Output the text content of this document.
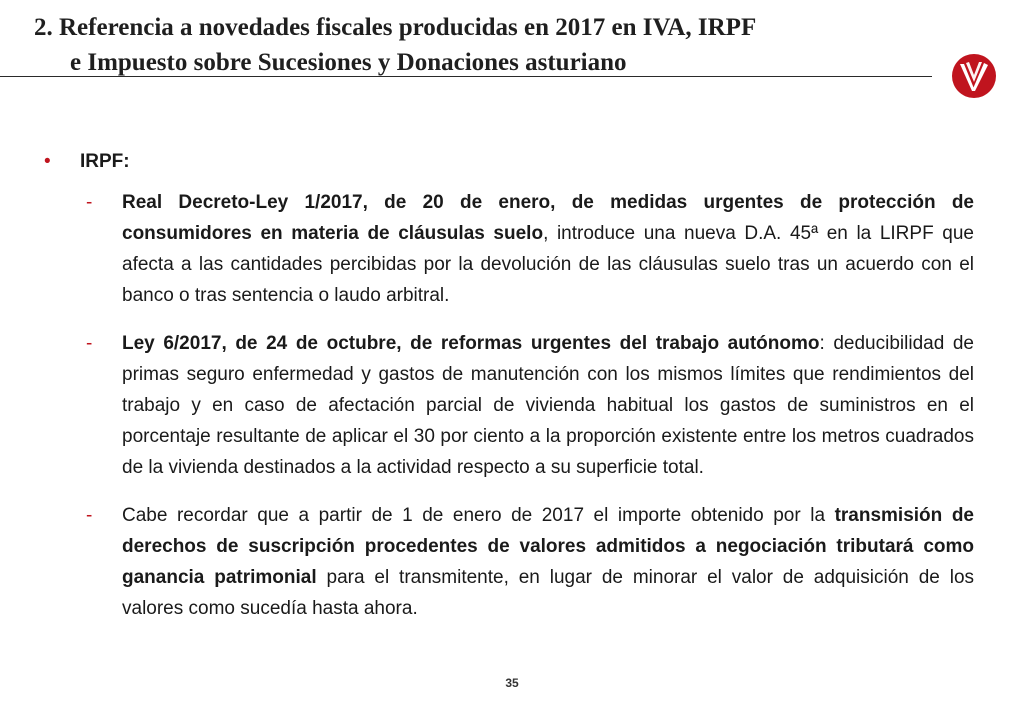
2. Referencia a novedades fiscales producidas en 2017 en IVA, IRPF
e Impuesto sobre Sucesiones y Donaciones asturiano
• IRPF:
- Real Decreto-Ley 1/2017, de 20 de enero, de medidas urgentes de protección de consumidores en materia de cláusulas suelo, introduce una nueva D.A. 45ª en la LIRPF que afecta a las cantidades percibidas por la devolución de las cláusulas suelo tras un acuerdo con el banco o tras sentencia o laudo arbitral.

- Ley 6/2017, de 24 de octubre, de reformas urgentes del trabajo autónomo: deducibilidad de primas seguro enfermedad y gastos de manutención con los mismos límites que rendimientos del trabajo y en caso de afectación parcial de vivienda habitual los gastos de suministros en el porcentaje resultante de aplicar el 30 por ciento a la proporción existente entre los metros cuadrados de la vivienda destinados a la actividad respecto a su superficie total.

- Cabe recordar que a partir de 1 de enero de 2017 el importe obtenido por la transmisión de derechos de suscripción procedentes de valores admitidos a negociación tributará como ganancia patrimonial para el transmitente, en lugar de minorar el valor de adquisición de los valores como sucedía hasta ahora.

35
